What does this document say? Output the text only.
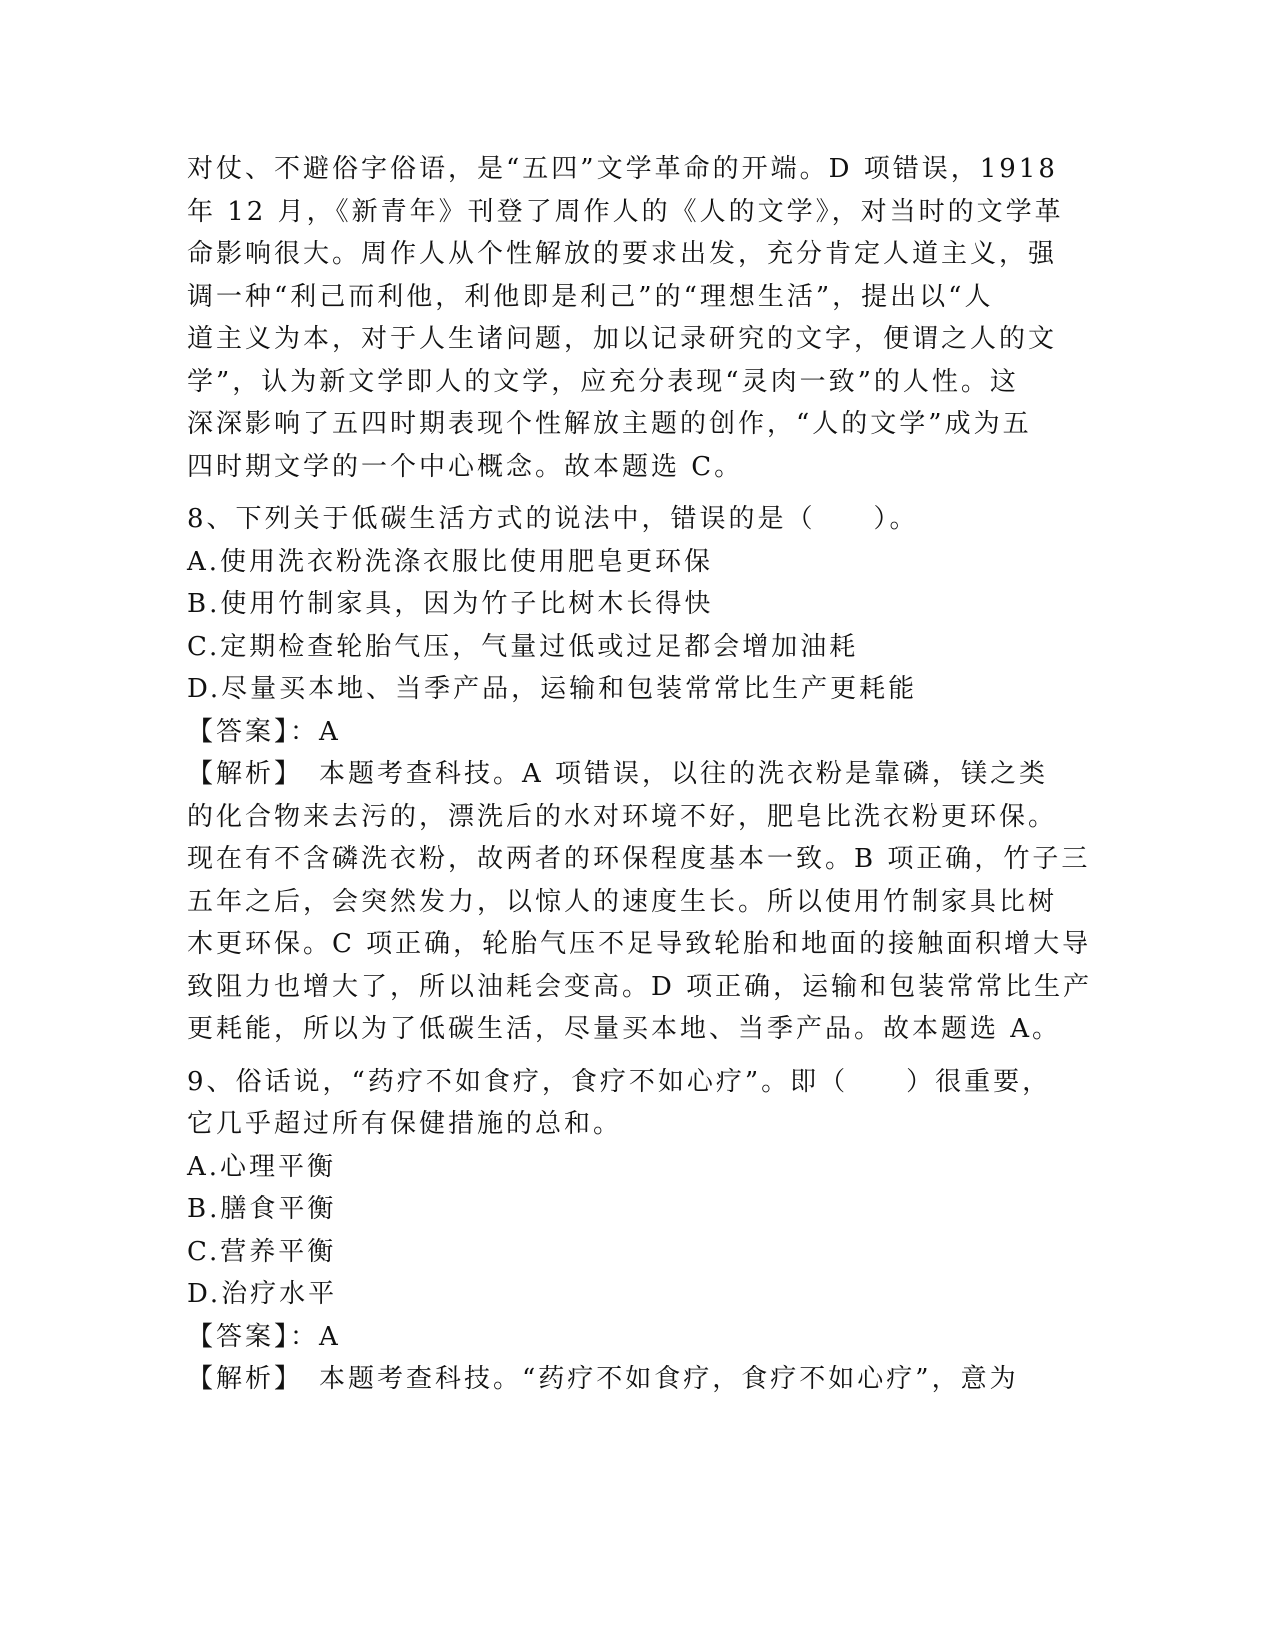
对仗、不避俗字俗语，是“五四”文学革命的开端。D 项错误，1918
年 12 月，《新青年》刊登了周作人的《人的文学》，对当时的文学革
命影响很大。周作人从个性解放的要求出发，充分肯定人道主义，强
调一种“利己而利他，利他即是利己”的“理想生活”，提出以“人
道主义为本，对于人生诸问题，加以记录研究的文字，便谓之人的文
学”，认为新文学即人的文学，应充分表现“灵肉一致”的人性。这
深深影响了五四时期表现个性解放主题的创作，“人的文学”成为五
四时期文学的一个中心概念。故本题选 C。
8、下列关于低碳生活方式的说法中，错误的是（　　）。
A.使用洗衣粉洗涤衣服比使用肥皂更环保
B.使用竹制家具，因为竹子比树木长得快
C.定期检查轮胎气压，气量过低或过足都会增加油耗
D.尽量买本地、当季产品，运输和包装常常比生产更耗能
【答案】：A
【解析】　本题考查科技。A 项错误，以往的洗衣粉是靠磷，镁之类
的化合物来去污的，漂洗后的水对环境不好，肥皂比洗衣粉更环保。
现在有不含磷洗衣粉，故两者的环保程度基本一致。B 项正确，竹子三
五年之后，会突然发力，以惊人的速度生长。所以使用竹制家具比树
木更环保。C 项正确，轮胎气压不足导致轮胎和地面的接触面积增大导
致阻力也增大了，所以油耗会变高。D 项正确，运输和包装常常比生产
更耗能，所以为了低碳生活，尽量买本地、当季产品。故本题选 A。
9、俗话说，“药疗不如食疗，食疗不如心疗”。即（　　）很重要，
它几乎超过所有保健措施的总和。
A.心理平衡
B.膳食平衡
C.营养平衡
D.治疗水平
【答案】：A
【解析】　本题考查科技。“药疗不如食疗，食疗不如心疗”，意为
